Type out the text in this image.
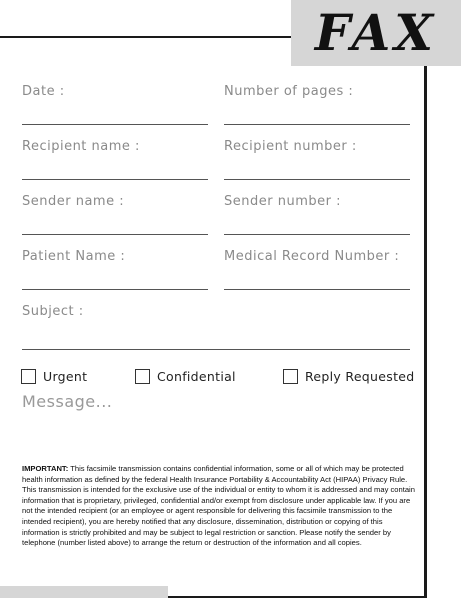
FAX
Date :	Number of pages :
Recipient name :	Recipient number :
Sender name :	Sender number :
Patient Name :	Medical Record Number :
Subject :
Urgent	Confidential	Reply Requested
Message...
IMPORTANT: This facsimile transmission contains confidential information, some or all of which may be protected health information as defined by the federal Health Insurance Portability & Accountability Act (HIPAA) Privacy Rule. This transmission is intended for the exclusive use of the individual or entity to whom it is addressed and may contain information that is proprietary, privileged, confidential and/or exempt from disclosure under applicable law. If you are not the intended recipient (or an employee or agent responsible for delivering this facsimile transmission to the intended recipient), you are hereby notified that any disclosure, dissemination, distribution or copying of this information is strictly prohibited and may be subject to legal restriction or sanction. Please notify the sender by telephone (number listed above) to arrange the return or destruction of the information and all copies.
